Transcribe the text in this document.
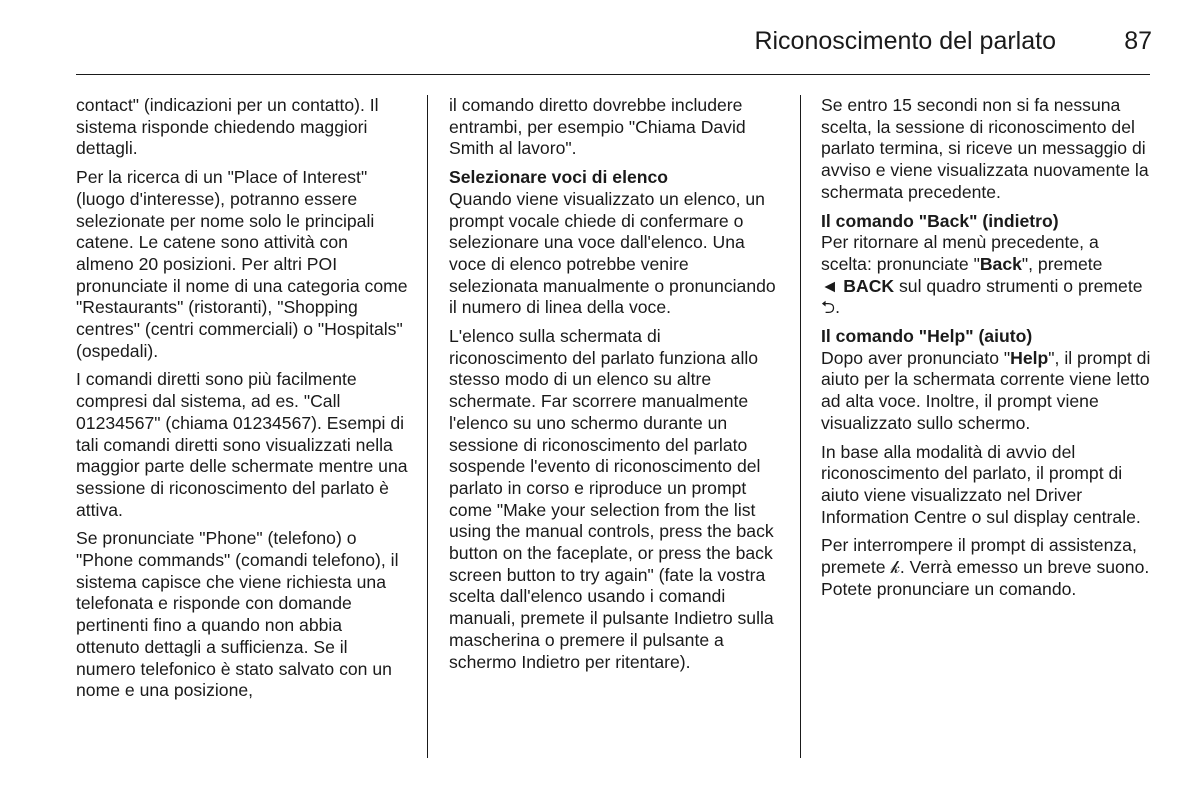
Riconoscimento del parlato	87

contact" (indicazioni per un contatto). Il sistema risponde chiedendo maggiori dettagli.

Per la ricerca di un "Place of Interest" (luogo d'interesse), potranno essere selezionate per nome solo le principali catene. Le catene sono attività con almeno 20 posizioni. Per altri POI pronunciate il nome di una categoria come "Restaurants" (ristoranti), "Shopping centres" (centri commerciali) o "Hospitals" (ospedali).

I comandi diretti sono più facilmente compresi dal sistema, ad es. "Call 01234567" (chiama 01234567). Esempi di tali comandi diretti sono visualizzati nella maggior parte delle schermate mentre una sessione di riconoscimento del parlato è attiva.

Se pronunciate "Phone" (telefono) o "Phone commands" (comandi telefono), il sistema capisce che viene richiesta una telefonata e risponde con domande pertinenti fino a quando non abbia ottenuto dettagli a sufficienza. Se il numero telefonico è stato salvato con un nome e una posizione,

il comando diretto dovrebbe includere entrambi, per esempio "Chiama David Smith al lavoro".

Selezionare voci di elenco
Quando viene visualizzato un elenco, un prompt vocale chiede di confermare o selezionare una voce dall'elenco. Una voce di elenco potrebbe venire selezionata manualmente o pronunciando il numero di linea della voce.

L'elenco sulla schermata di riconoscimento del parlato funziona allo stesso modo di un elenco su altre schermate. Far scorrere manualmente l'elenco su uno schermo durante un sessione di riconoscimento del parlato sospende l'evento di riconoscimento del parlato in corso e riproduce un prompt come "Make your selection from the list using the manual controls, press the back button on the faceplate, or press the back screen button to try again" (fate la vostra scelta dall'elenco usando i comandi manuali, premete il pulsante Indietro sulla mascherina o premere il pulsante a schermo Indietro per ritentare).

Se entro 15 secondi non si fa nessuna scelta, la sessione di riconoscimento del parlato termina, si riceve un messaggio di avviso e viene visualizzata nuovamente la schermata precedente.

Il comando "Back" (indietro)
Per ritornare al menù precedente, a scelta: pronunciate "Back", premete
◄ BACK sul quadro strumenti o premete ⮌.

Il comando "Help" (aiuto)
Dopo aver pronunciato "Help", il prompt di aiuto per la schermata corrente viene letto ad alta voce. Inoltre, il prompt viene visualizzato sullo schermo.

In base alla modalità di avvio del riconoscimento del parlato, il prompt di aiuto viene visualizzato nel Driver Information Centre o sul display centrale.

Per interrompere il prompt di assistenza, premete 𝓀. Verrà emesso un breve suono. Potete pronunciare un comando.
